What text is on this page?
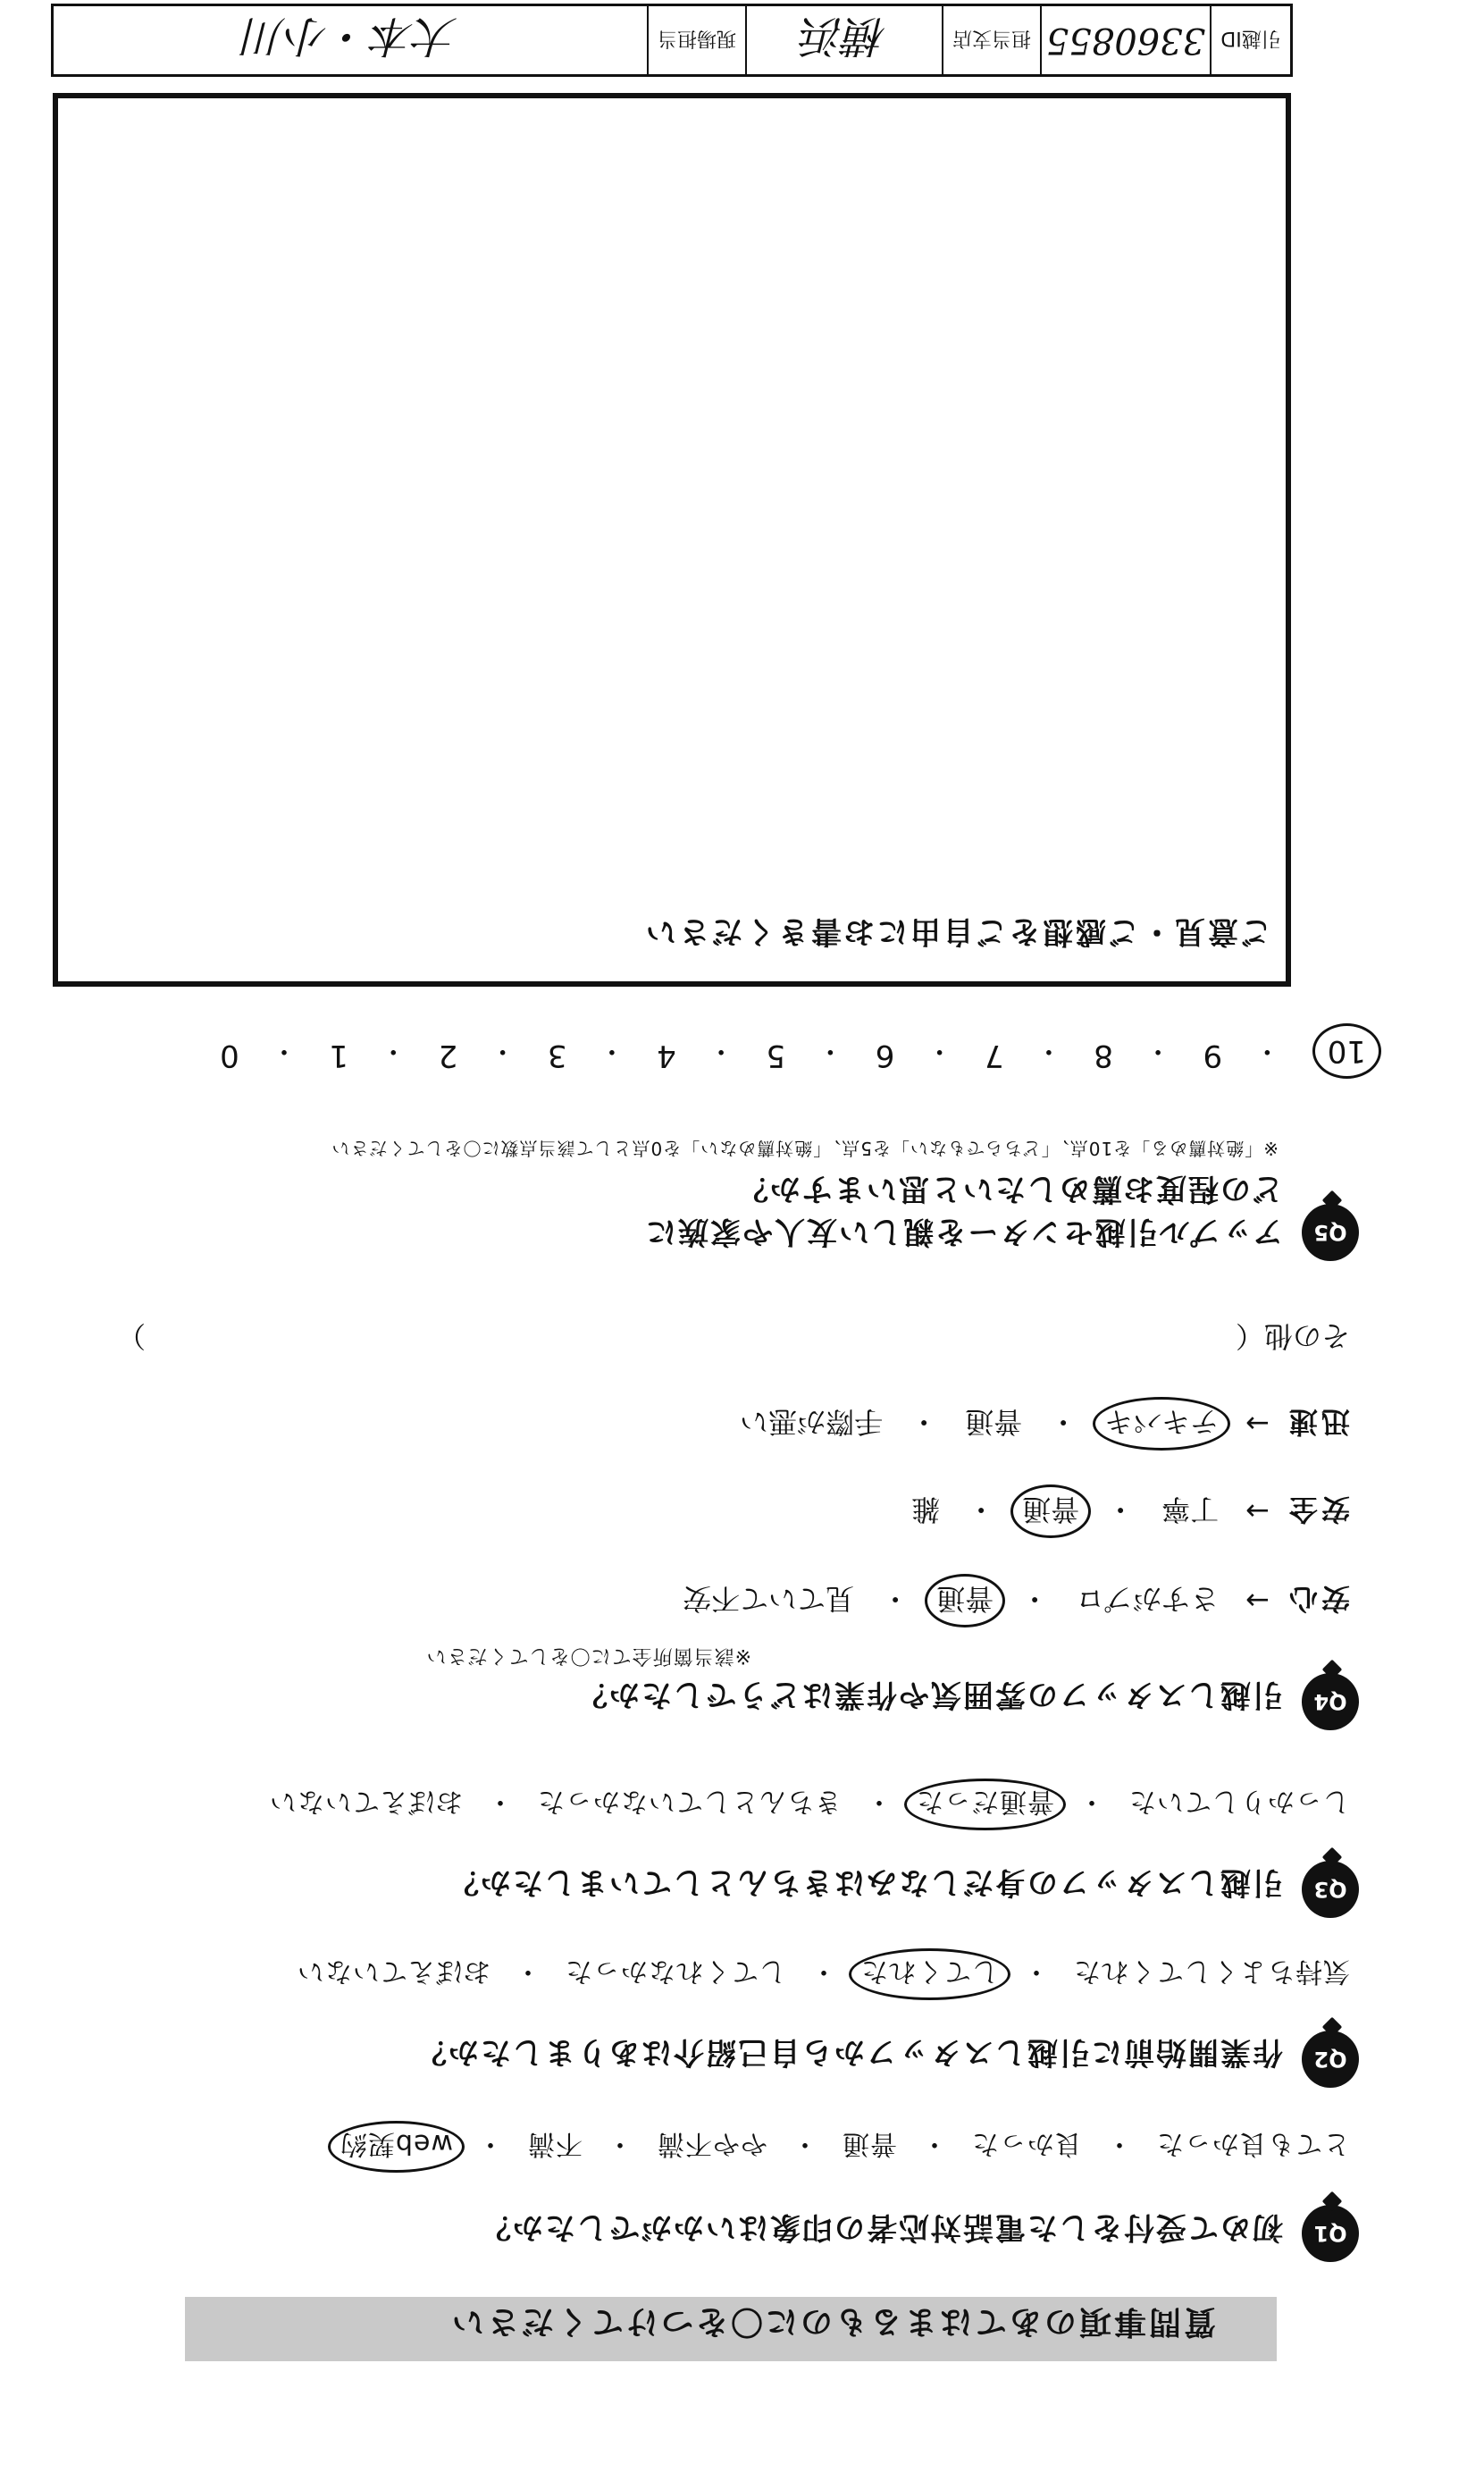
質問事項のあてはまるものに〇をつけてください
Q1
初めて受付をした電話対応者の印象はいかがでしたか？
とても良かった
・
良かった
・
普通
・
やや不満
・
不満
・
web契約
Q2
作業開始前に引越しスタッフから自己紹介はありましたか？
気持ちよくしてくれた
・
してくれた
・
してくれなかった
・
おぼえていない
Q3
引越しスタッフの身だしなみはきちんとしていましたか？
しっかりしていた
・
普通だった
・
きちんとしていなかった
・
おぼえていない
Q4
引越しスタッフの雰囲気や作業はどうでしたか？
※該当箇所全てに〇をしてください
安心
→
さすがプロ
・
普通
・
見ていて不安
安全
→
丁寧
・
普通
・
雑
迅速
→
テキパキ
・
普通
・
手際が悪い
その他（
）
Q5
アップル引越センターを親しい友人や家族に
どの程度お薦めしたいと思いますか？
※「絶対薦める」を10点、「どちらでもない」を5点、「絶対薦めない」を0点として該当点数に〇をしてください
10
・
9
・
8
・
7
・
6
・
5
・
4
・
3
・
2
・
1
・
0
ご意見・ご感想をご自由にお書きください
引越ID
3360855
担当支店
横浜
現場担当
大本・小川
